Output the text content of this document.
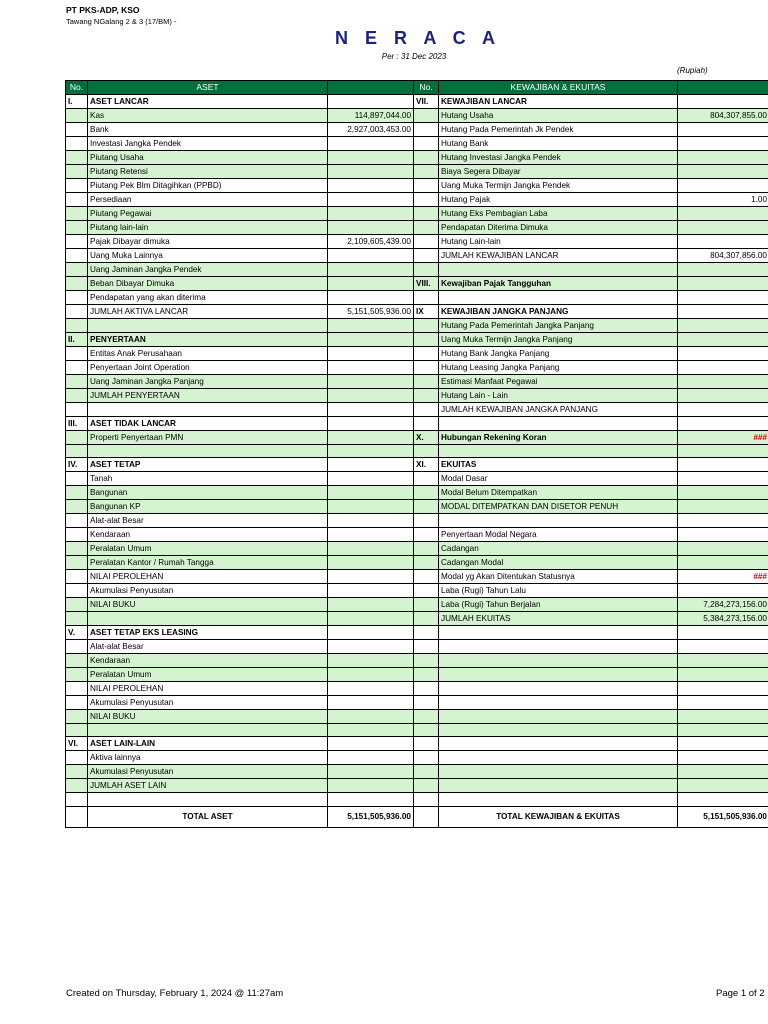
PT PKS-ADP, KSO
Tawang NGalang 2 & 3 (17/BM) -
N E R A C A
Per : 31 Dec 2023
(Rupiah)
No.	ASET		No.	KEWAJIBAN & EKUITAS	
I.	ASET LANCAR		VII.	KEWAJIBAN LANCAR	
	Kas	114,897,044.00		Hutang Usaha	804,307,855.00
	Bank	2,927,003,453.00		Hutang Pada Pemerintah Jk Pendek	
	Investasi Jangka Pendek			Hutang Bank	
	Piutang Usaha			Hutang Investasi Jangka Pendek	
	Piutang Retensi			Biaya Segera Dibayar	
	Piutang Pek Blm Ditagihkan (PPBD)			Uang Muka Termijn Jangka Pendek	
	Persediaan			Hutang Pajak	1.00
	Piutang Pegawai			Hutang Eks Pembagian Laba	
	Piutang lain-lain			Pendapatan Diterima Dimuka	
	Pajak Dibayar dimuka	2,109,605,439.00		Hutang Lain-lain	
	Uang Muka Lainnya			JUMLAH KEWAJIBAN LANCAR	804,307,856.00
	Uang Jaminan Jangka Pendek				
	Beban Dibayar Dimuka		VIII.	Kewajiban Pajak Tangguhan	
	Pendapatan yang akan diterima				
	JUMLAH AKTIVA LANCAR	5,151,505,936.00	IX	KEWAJIBAN JANGKA PANJANG	
				Hutang Pada Pemerintah Jangka Panjang	
II.	PENYERTAAN			Uang Muka Termijn Jangka Panjang	
	Entitas Anak Perusahaan			Hutang Bank Jangka Panjang	
	Penyertaan Joint Operation			Hutang Leasing Jangka Panjang	
	Uang Jaminan Jangka Panjang			Estimasi Manfaat Pegawai	
	JUMLAH PENYERTAAN			Hutang Lain - Lain	
				JUMLAH KEWAJIBAN JANGKA PANJANG	
III.	ASET TIDAK LANCAR				
	Properti Penyertaan PMN		X.	Hubungan Rekening Koran	###

IV.	ASET TETAP		XI.	EKUITAS	
	Tanah			Modal Dasar	
	Bangunan			Modal Belum Ditempatkan	
	Bangunan KP			MODAL DITEMPATKAN DAN DISETOR PENUH	
	Alat-alat Besar				
	Kendaraan			Penyertaan Modal Negara	
	Peralatan Umum			Cadangan	
	Peralatan Kantor / Rumah Tangga			Cadangan Modal	
	NILAI PEROLEHAN			Modal yg Akan Ditentukan Statusnya	###
	Akumulasi Penyusutan			Laba (Rugi) Tahun Lalu	
	NILAI BUKU			Laba (Rugi) Tahun Berjalan	7,284,273,156.00
				JUMLAH EKUITAS	5,384,273,156.00
V.	ASET TETAP EKS LEASING				
	Alat-alat Besar				
	Kendaraan				
	Peralatan Umum				
	NILAI PEROLEHAN				
	Akumulasi Penyusutan				
	NILAI BUKU				

VI.	ASET LAIN-LAIN				
	Aktiva lainnya				
	Akumulasi Penyusutan				
	JUMLAH ASET LAIN				

	TOTAL ASET	5,151,505,936.00		TOTAL KEWAJIBAN & EKUITAS	5,151,505,936.00
Created on Thursday, February 1, 2024 @ 11:27am	Page 1 of 2
